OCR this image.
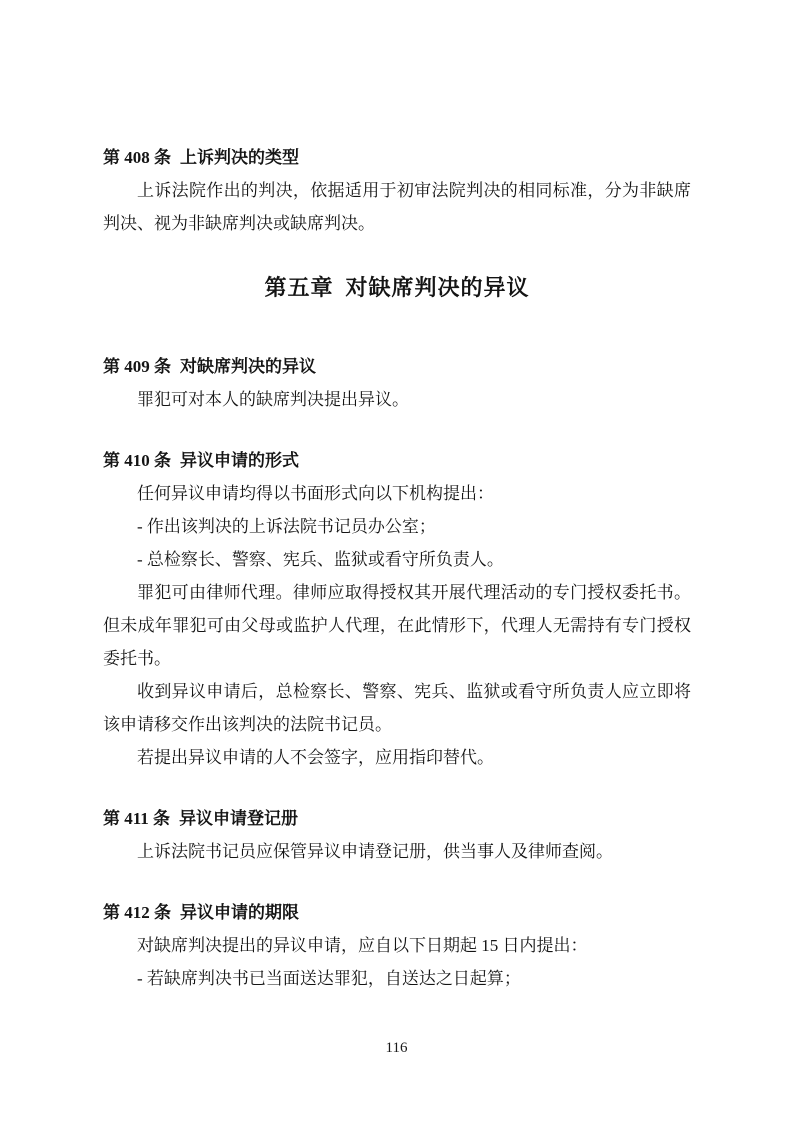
第 408 条 上诉判决的类型

上诉法院作出的判决，依据适用于初审法院判决的相同标准，分为非缺席判决、视为非缺席判决或缺席判决。

第五章 对缺席判决的异议
第 409 条 对缺席判决的异议

罪犯可对本人的缺席判决提出异议。

第 410 条 异议申请的形式

任何异议申请均得以书面形式向以下机构提出：

- 作出该判决的上诉法院书记员办公室；

- 总检察长、警察、宪兵、监狱或看守所负责人。

罪犯可由律师代理。律师应取得授权其开展代理活动的专门授权委托书。但未成年罪犯可由父母或监护人代理，在此情形下，代理人无需持有专门授权委托书。

收到异议申请后，总检察长、警察、宪兵、监狱或看守所负责人应立即将该申请移交作出该判决的法院书记员。

若提出异议申请的人不会签字，应用指印替代。

第 411 条 异议申请登记册

上诉法院书记员应保管异议申请登记册，供当事人及律师查阅。

第 412 条 异议申请的期限

对缺席判决提出的异议申请，应自以下日期起 15 日内提出：

- 若缺席判决书已当面送达罪犯，自送达之日起算；

116
